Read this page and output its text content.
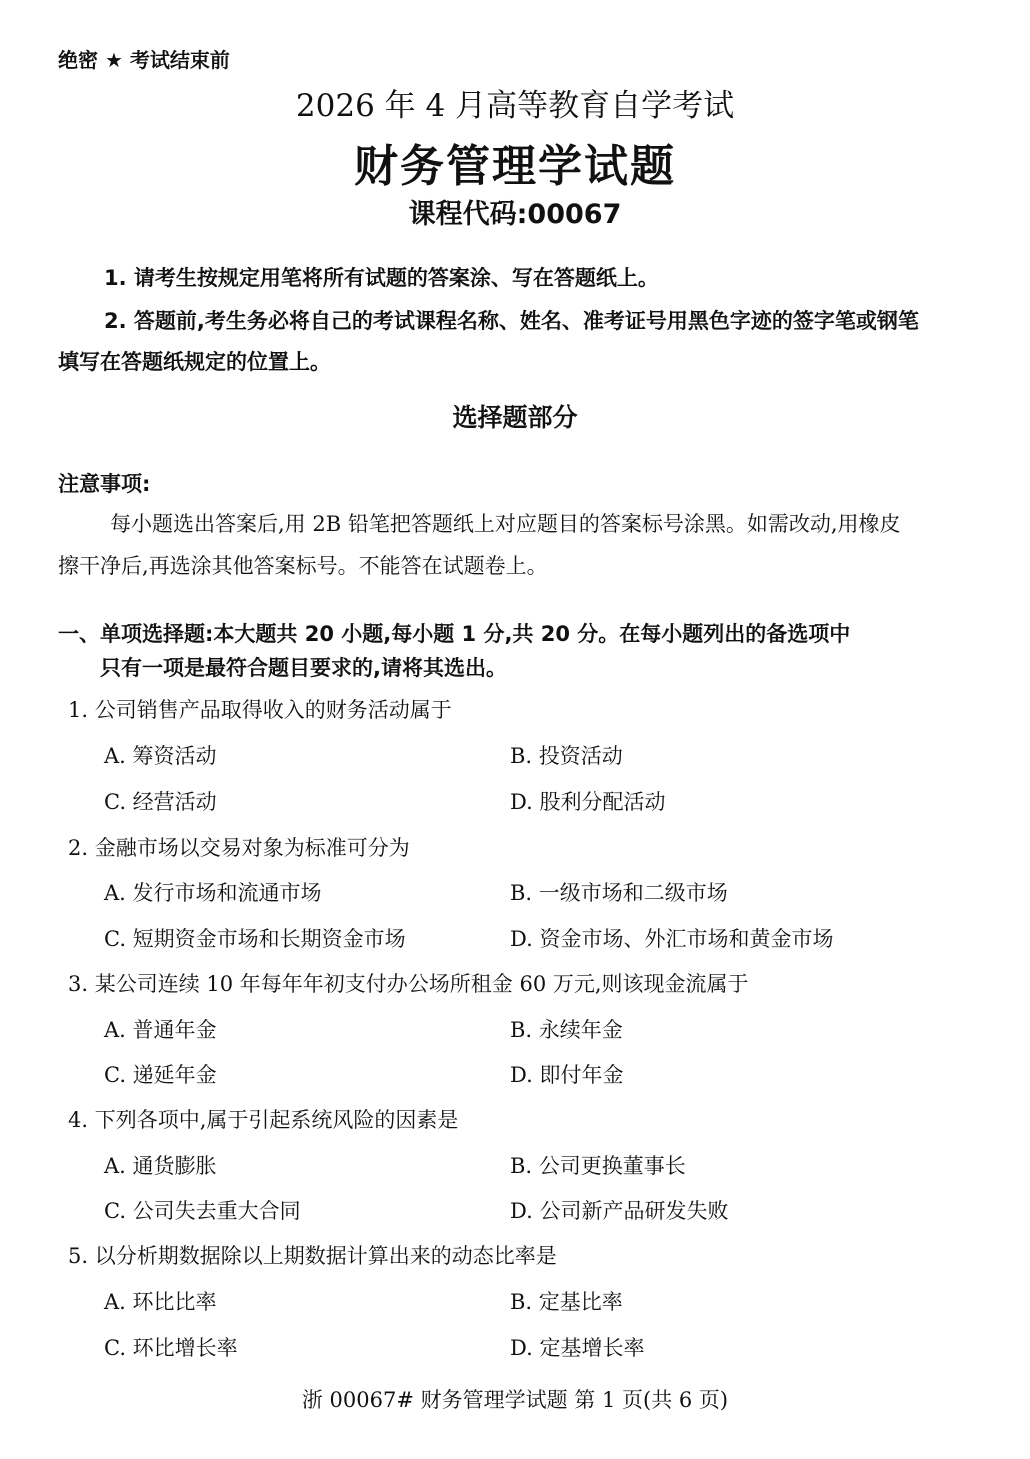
绝密 ★ 考试结束前
2026 年 4 月高等教育自学考试
财务管理学试题
课程代码:00067
1. 请考生按规定用笔将所有试题的答案涂、写在答题纸上。
2. 答题前,考生务必将自己的考试课程名称、姓名、准考证号用黑色字迹的签字笔或钢笔
填写在答题纸规定的位置上。
选择题部分
注意事项:
每小题选出答案后,用 2B 铅笔把答题纸上对应题目的答案标号涂黑。如需改动,用橡皮
擦干净后,再选涂其他答案标号。不能答在试题卷上。
一、单项选择题:本大题共 20 小题,每小题 1 分,共 20 分。在每小题列出的备选项中
只有一项是最符合题目要求的,请将其选出。
1. 公司销售产品取得收入的财务活动属于
A. 筹资活动	B. 投资活动
C. 经营活动	D. 股利分配活动
2. 金融市场以交易对象为标准可分为
A. 发行市场和流通市场	B. 一级市场和二级市场
C. 短期资金市场和长期资金市场	D. 资金市场、外汇市场和黄金市场
3. 某公司连续 10 年每年年初支付办公场所租金 60 万元,则该现金流属于
A. 普通年金	B. 永续年金
C. 递延年金	D. 即付年金
4. 下列各项中,属于引起系统风险的因素是
A. 通货膨胀	B. 公司更换董事长
C. 公司失去重大合同	D. 公司新产品研发失败
5. 以分析期数据除以上期数据计算出来的动态比率是
A. 环比比率	B. 定基比率
C. 环比增长率	D. 定基增长率
浙 00067# 财务管理学试题 第 1 页(共 6 页)
